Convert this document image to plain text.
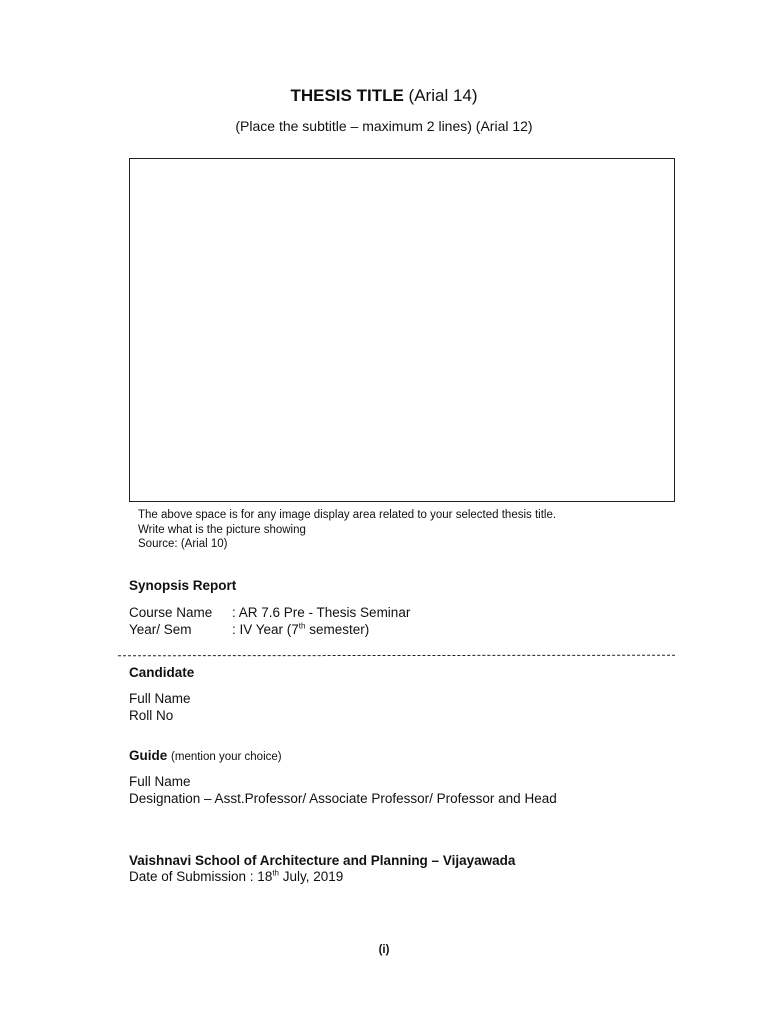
THESIS TITLE (Arial 14)
(Place the subtitle – maximum 2 lines) (Arial 12)
The above space is for any image display area related to your selected thesis title.
Write what is the picture showing
Source: (Arial 10)
Synopsis Report
Course Name	: AR 7.6 Pre - Thesis Seminar
Year/ Sem	: IV Year (7th semester)
Candidate
Full Name
Roll No
Guide (mention your choice)
Full Name
Designation – Asst.Professor/ Associate Professor/ Professor and Head
Vaishnavi School of Architecture and Planning – Vijayawada
Date of Submission : 18th July, 2019
(i)
